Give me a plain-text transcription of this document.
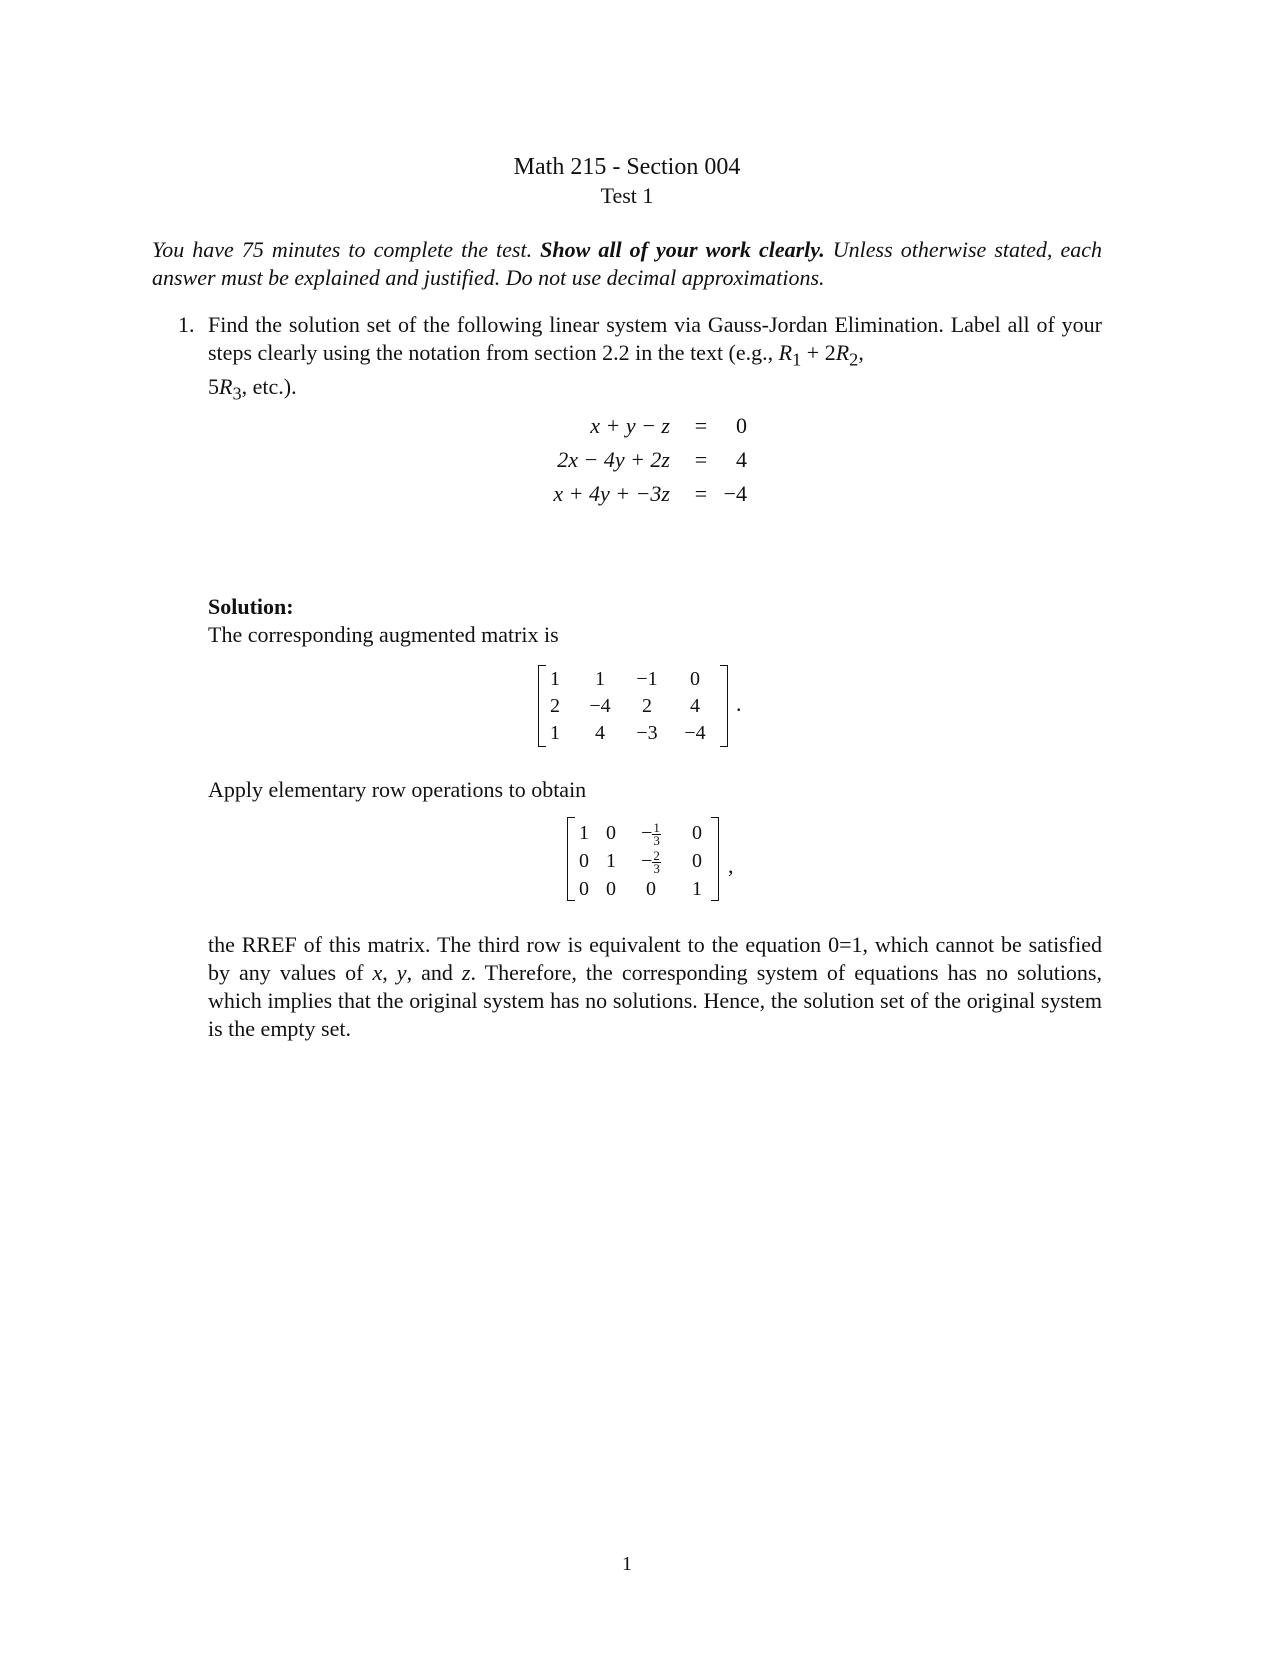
Math 215 - Section 004
Test 1
You have 75 minutes to complete the test. Show all of your work clearly. Unless otherwise stated, each answer must be explained and justified. Do not use decimal approximations.
1. Find the solution set of the following linear system via Gauss-Jordan Elimination. Label all of your steps clearly using the notation from section 2.2 in the text (e.g., $R_1 + 2R_2$,
$5R_3$, etc.).
x + y − z	=	0
2x − 4y + 2z	=	4
x + 4y + −3z	= −4
Solution:
The corresponding augmented matrix is
1	1	−1	0
2	−4	2	4
1	4	−3	−4
.
Apply elementary row operations to obtain
1 0	− $\frac{1}{3}$	0
0 1	− $\frac{2}{3}$	0
0 0	0	1
,
the RREF of this matrix. The third row is equivalent to the equation 0=1, which cannot be satisfied by any values of x, y, and z. Therefore, the corresponding system of equations has no solutions, which implies that the original system has no solutions. Hence, the solution set of the original system is the empty set.
1
